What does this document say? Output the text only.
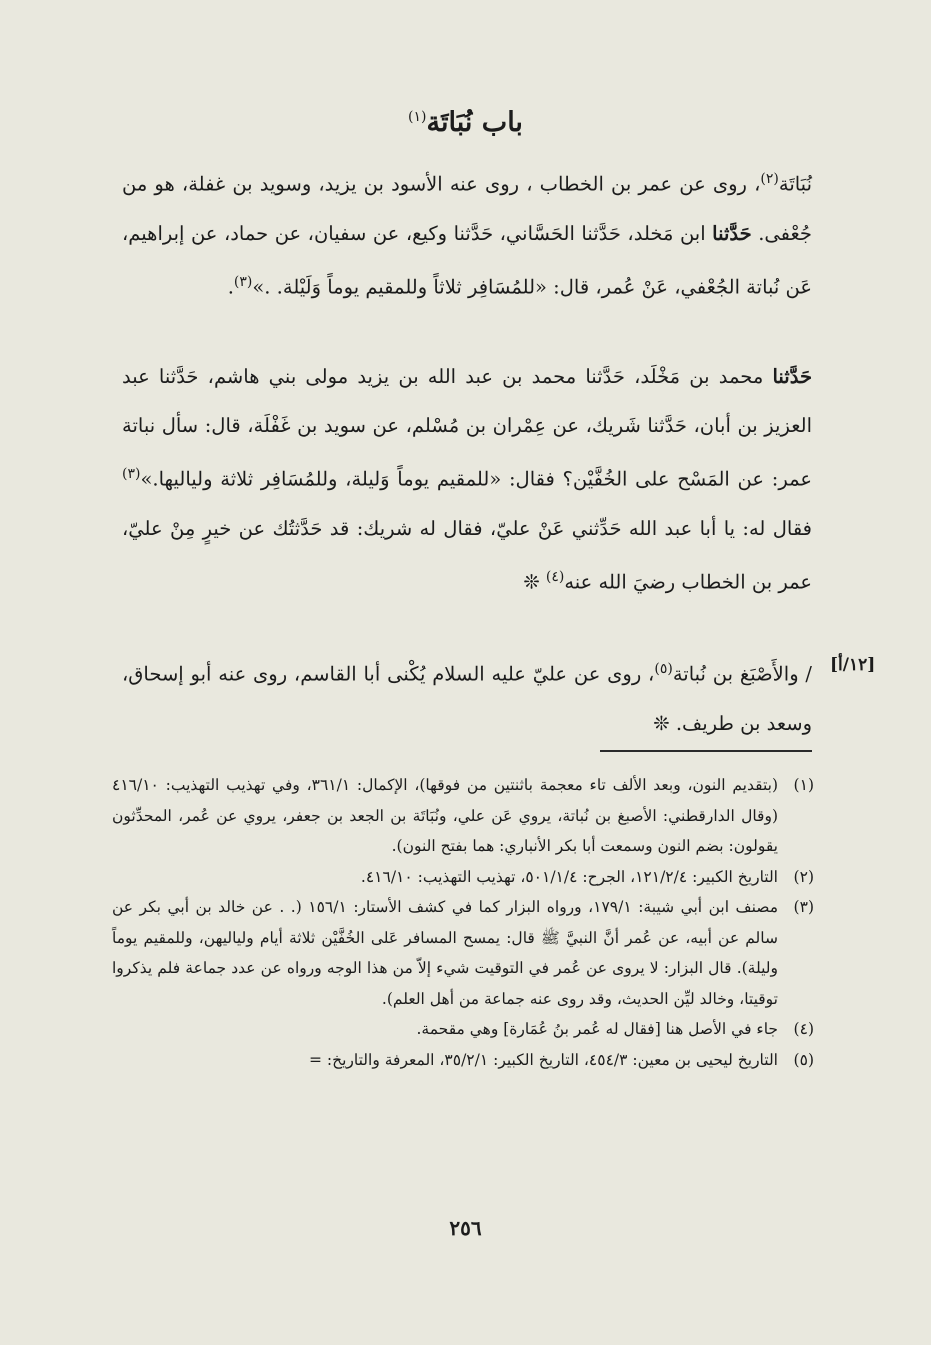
باب نُبَاتَة$^{(١)}$

نُبَاتَة$^{(٢)}$، روى عن عمر بن الخطاب ، روى عنه الأسود بن يزيد، وسويد بن غفلة، هو من جُعْفى. حَدَّثنا ابن مَخلد، حَدَّثنا الحَسَّاني، حَدَّثنا وكيع، عن سفيان، عن حماد، عن إبراهيم، عَن نُباتة الجُعْفي، عَنْ عُمر، قال: «للمُسَافِر ثلاثاً وللمقيم يوماً وَلَيْلة. .»$^{(٣)}$.

حَدَّثنا محمد بن مَخْلَد، حَدَّثنا محمد بن عبد الله بن يزيد مولى بني هاشم، حَدَّثنا عبد العزيز بن أبان، حَدَّثنا شَريك، عن عِمْران بن مُسْلم، عن سويد بن غَفْلَة، قال: سأل نباتة عمر: عن المَسْح على الخُفَّيْن؟ فقال: «للمقيم يوماً وَليلة، وللمُسَافِر ثلاثة ولياليها.»$^{(٣)}$ فقال له: يا أبا عبد الله حَدِّثني عَنْ عليّ، فقال له شريك: قد حَدَّثتُك عن خيرٍ مِنْ عليّ، عمر بن الخطاب رضيَ الله عنه$^{(٤)}$ ❊

/ والأَصْبَغ بن نُباتة$^{(٥)}$، روى عن عليّ عليه السلام يُكْنى أبا القاسم، روى عنه أبو إسحاق، وسعد بن طريف. ❊

[١٢/أ]
(١)
(بتقديم النون، وبعد الألف تاء معجمة باثنتين من فوقها)، الإكمال: ٣٦١/١، وفي تهذيب التهذيب: ٤١٦/١٠ (وقال الدارقطني: الأصبغ بن نُباتة، يروي عَن علي، ونُبَاتَة بن الجعد بن جعفر، يروي عن عُمر، المحدِّثون يقولون: بضم النون وسمعت أبا بكر الأنباري: هما بفتح النون).
(٢)
التاريخ الكبير: ١٢١/٢/٤، الجرح: ٥٠١/١/٤، تهذيب التهذيب: ٤١٦/١٠.
(٣)
مصنف ابن أبي شيبة: ١٧٩/١، ورواه البزار كما في كشف الأستار: ١٥٦/١ (. . عن خالد بن أبي بكر عن سالم عن أبيه، عن عُمر أنَّ النبيَّ ﷺ قال: يمسح المسافر عَلى الخُفَّيْن ثلاثة أيام ولياليهن، وللمقيم يوماً وليلة). قال البزار: لا يروى عن عُمر في التوقيت شيء إلاّ من هذا الوجه ورواه عن عدد جماعة فلم يذكروا توقيتا، وخالد ليِّن الحديث، وقد روى عنه جماعة من أهل العلم).
(٤)
جاء في الأصل هنا [فقال له عُمر بنُ عُمَارة] وهي مقحمة.
(٥)
التاريخ ليحيى بن معين: ٤٥٤/٣، التاريخ الكبير: ٣٥/٢/١، المعرفة والتاريخ: =
٢٥٦
